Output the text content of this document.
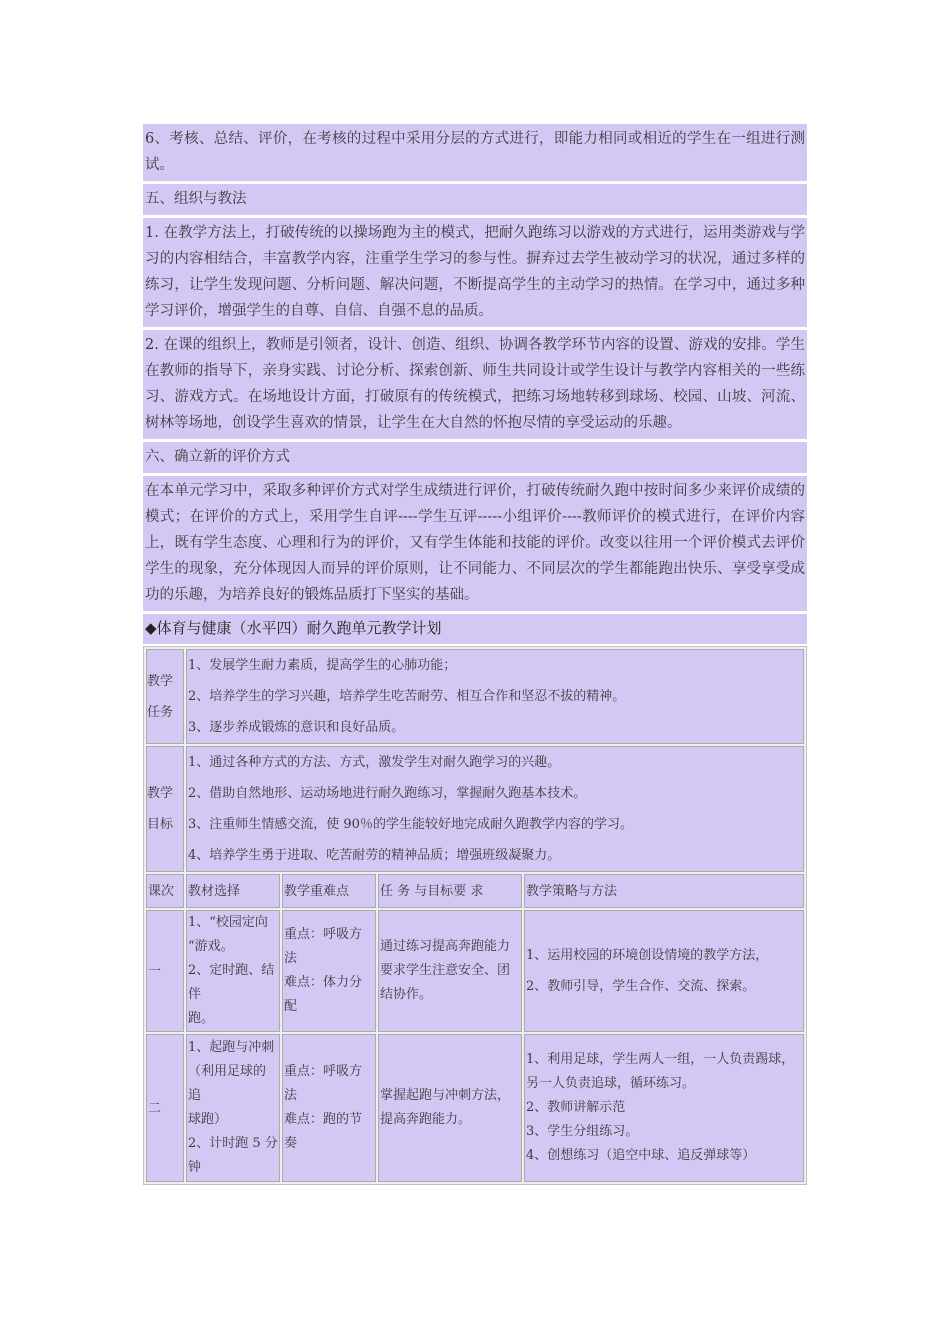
6、考核、总结、评价，在考核的过程中采用分层的方式进行，即能力相同或相近的学生在一组进行测试。
五、组织与教法
1. 在教学方法上，打破传统的以操场跑为主的模式，把耐久跑练习以游戏的方式进行，运用类游戏与学习的内容相结合，丰富教学内容，注重学生学习的参与性。摒弃过去学生被动学习的状况，通过多样的练习，让学生发现问题、分析问题、解决问题，不断提高学生的主动学习的热情。在学习中，通过多种学习评价，增强学生的自尊、自信、自强不息的品质。
2. 在课的组织上，教师是引领者，设计、创造、组织、协调各教学环节内容的设置、游戏的安排。学生在教师的指导下，亲身实践、讨论分析、探索创新、师生共同设计或学生设计与教学内容相关的一些练习、游戏方式。在场地设计方面，打破原有的传统模式，把练习场地转移到球场、校园、山坡、河流、树林等场地，创设学生喜欢的情景，让学生在大自然的怀抱尽情的享受运动的乐趣。
六、确立新的评价方式
在本单元学习中，采取多种评价方式对学生成绩进行评价，打破传统耐久跑中按时间多少来评价成绩的模式；在评价的方式上，采用学生自评----学生互评-----小组评价----教师评价的模式进行，在评价内容上，既有学生态度、心理和行为的评价，又有学生体能和技能的评价。改变以往用一个评价模式去评价学生的现象，充分体现因人而异的评价原则，让不同能力、不同层次的学生都能跑出快乐、享受享受成功的乐趣，为培养良好的锻炼品质打下坚实的基础。
◆体育与健康（水平四）耐久跑单元教学计划
教学
任务	1、发展学生耐力素质，提高学生的心肺功能；
2、培养学生的学习兴趣，培养学生吃苦耐劳、相互合作和坚忍不拔的精神。
3、逐步养成锻炼的意识和良好品质。			

教学
目标	1、通过各种方式的方法、方式，激发学生对耐久跑学习的兴趣。
2、借助自然地形、运动场地进行耐久跑练习，掌握耐久跑基本技术。
3、注重师生情感交流，使 90％的学生能较好地完成耐久跑教学内容的学习。
4、培养学生勇于进取、吃苦耐劳的精神品质；增强班级凝聚力。			

课次	教材选择	教学重难点	任 务 与目标要 求	教学策略与方法
一	1、“校园定向
“游戏。
2、定时跑、结伴
跑。	重点：呼吸方法
难点：体力分配	通过练习提高奔跑能力
要求学生注意安全、团
结协作。	1、运用校园的环境创设情境的教学方法，
2、教师引导，学生合作、交流、探索。

二	1、起跑与冲刺
（利用足球的追
球跑）
2、计时跑 5 分
钟	重点：呼吸方法
难点：跑的节奏	掌握起跑与冲刺方法，
提高奔跑能力。	1、利用足球，学生两人一组，一人负责踢球，
另一人负责追球，循环练习。
2、教师讲解示范
3、学生分组练习。
4、创想练习（追空中球、追反弹球等）
